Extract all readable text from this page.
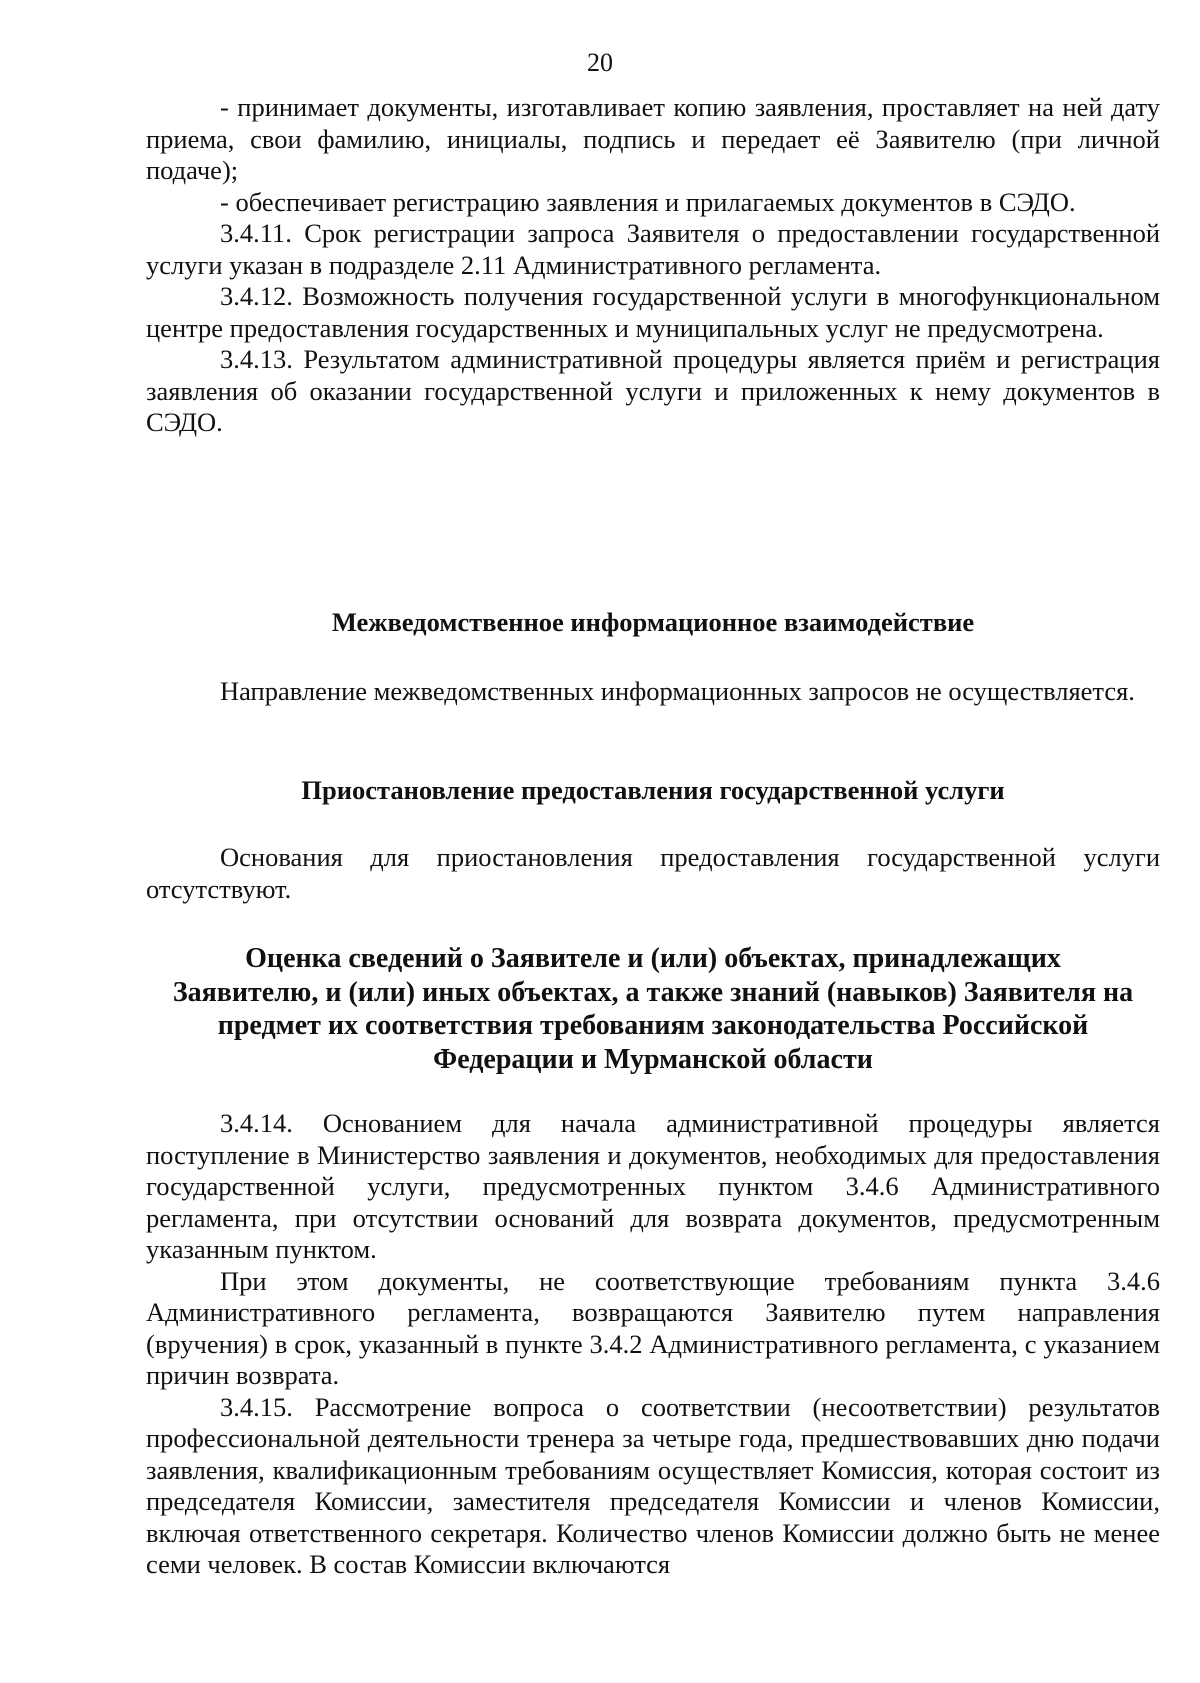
20

- принимает документы, изготавливает копию заявления, проставляет на ней дату приема, свои фамилию, инициалы, подпись и передает её Заявителю (при личной подаче);

- обеспечивает регистрацию заявления и прилагаемых документов в СЭДО.

3.4.11. Срок регистрации запроса Заявителя о предоставлении государственной услуги указан в подразделе 2.11 Административного регламента.

3.4.12. Возможность получения государственной услуги в многофункциональном центре предоставления государственных и муниципальных услуг не предусмотрена.

3.4.13. Результатом административной процедуры является приём и регистрация заявления об оказании государственной услуги и приложенных к нему документов в СЭДО.

Межведомственное информационное взаимодействие

Направление межведомственных информационных запросов не осуществляется.

Приостановление предоставления государственной услуги

Основания для приостановления предоставления государственной услуги отсутствуют.

Оценка сведений о Заявителе и (или) объектах, принадлежащих
Заявителю, и (или) иных объектах, а также знаний (навыков) Заявителя на
предмет их соответствия требованиям законодательства Российской
Федерации и Мурманской области

3.4.14. Основанием для начала административной процедуры является поступление в Министерство заявления и документов, необходимых для предоставления государственной услуги, предусмотренных пунктом 3.4.6 Административного регламента, при отсутствии оснований для возврата документов, предусмотренным указанным пунктом.

При этом документы, не соответствующие требованиям пункта 3.4.6 Административного регламента, возвращаются Заявителю путем направления (вручения) в срок, указанный в пункте 3.4.2 Административного регламента, с указанием причин возврата.

3.4.15. Рассмотрение вопроса о соответствии (несоответствии) результатов профессиональной деятельности тренера за четыре года, предшествовавших дню подачи заявления, квалификационным требованиям осуществляет Комиссия, которая состоит из председателя Комиссии, заместителя председателя Комиссии и членов Комиссии, включая ответственного секретаря. Количество членов Комиссии должно быть не менее семи человек. В состав Комиссии включаются
